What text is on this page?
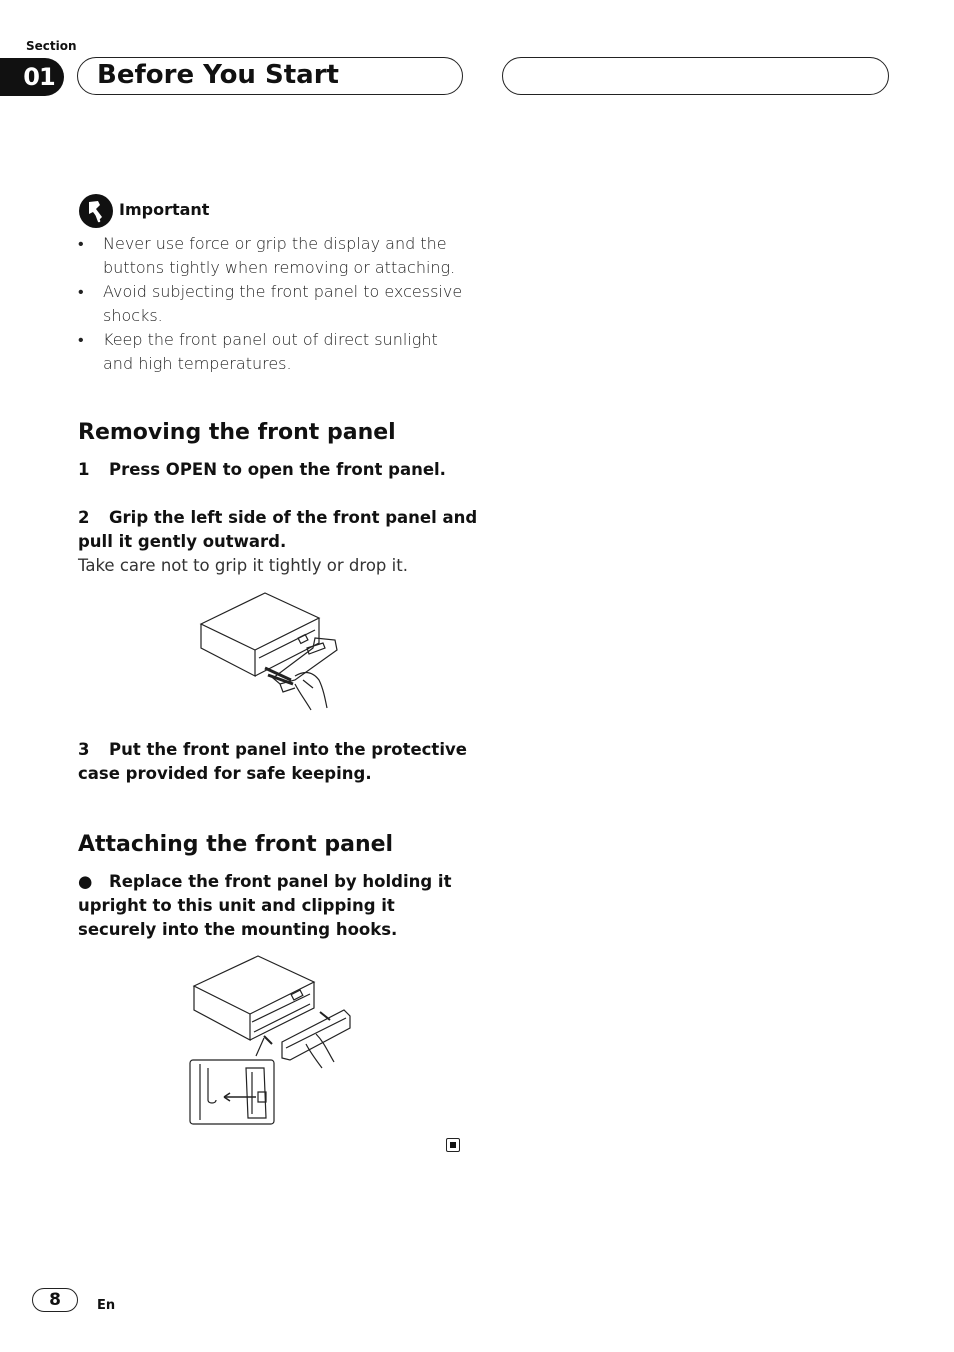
Section
01	Before You Start
Important
• Never use force or grip the display and the buttons tightly when removing or attaching.
• Avoid subjecting the front panel to excessive shocks.
• Keep the front panel out of direct sunlight and high temperatures.
Removing the front panel
1 Press OPEN to open the front panel.
2 Grip the left side of the front panel and pull it gently outward.
Take care not to grip it tightly or drop it.
3 Put the front panel into the protective case provided for safe keeping.
Attaching the front panel
● Replace the front panel by holding it upright to this unit and clipping it securely into the mounting hooks.
8	En
